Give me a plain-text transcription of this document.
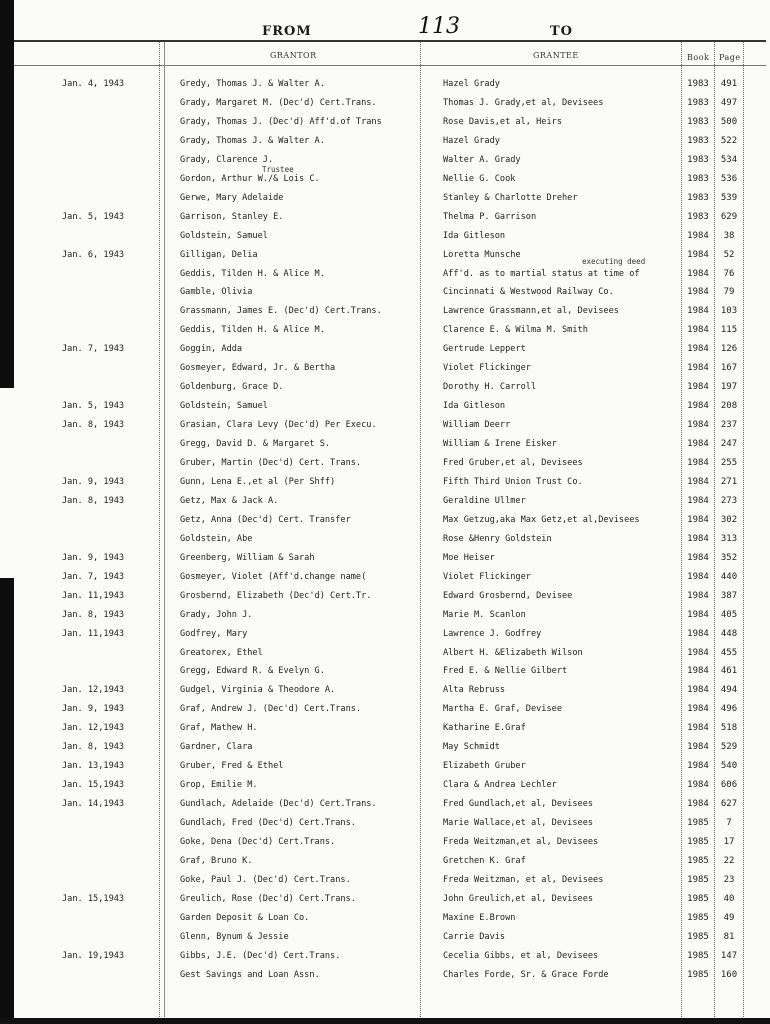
FROM	113	TO
GRANTOR	GRANTEE	Book Page
Trustee
executing deed
Jan. 4, 1943	Gredy, Thomas J. & Walter A.	Hazel Grady	1983	491
Grady, Margaret M. (Dec'd) Cert.Trans.	Thomas J. Grady,et al, Devisees	1983	497
Grady, Thomas J. (Dec'd) Aff'd.of Trans	Rose Davis,et al, Heirs	1983	500
Grady, Thomas J. & Walter A.	Hazel Grady	1983	522
Grady, Clarence J.	Walter A. Grady	1983	534
Gordon, Arthur W./& Lois C.	Nellie G. Cook	1983	536
Gerwe, Mary Adelaide	Stanley & Charlotte Dreher	1983	539
Jan. 5, 1943	Garrison, Stanley E.	Thelma P. Garrison	1983	629
Goldstein, Samuel	Ida Gitleson	1984	38
Jan. 6, 1943	Gilligan, Delia	Loretta Munsche	1984	52
Geddis, Tilden H. & Alice M.	Aff'd. as to martial status at time of	1984	76
Gamble, Olivia	Cincinnati & Westwood Railway Co.	1984	79
Grassmann, James E. (Dec'd) Cert.Trans.	Lawrence Grassmann,et al, Devisees	1984	103
Geddis, Tilden H. & Alice M.	Clarence E. & Wilma M. Smith	1984	115
Jan. 7, 1943	Goggin, Adda	Gertrude Leppert	1984	126
Gosmeyer, Edward, Jr. & Bertha	Violet Flickinger	1984	167
Goldenburg, Grace D.	Dorothy H. Carroll	1984	197
Jan. 5, 1943	Goldstein, Samuel	Ida Gitleson	1984	208
Jan. 8, 1943	Grasian, Clara Levy (Dec'd) Per Execu.	William Deerr	1984	237
Gregg, David D. & Margaret S.	William & Irene Eisker	1984	247
Gruber, Martin (Dec'd) Cert. Trans.	Fred Gruber,et al, Devisees	1984	255
Jan. 9, 1943	Gunn, Lena E.,et al (Per Shff)	Fifth Third Union Trust Co.	1984	271
Jan. 8, 1943	Getz, Max & Jack A.	Geraldine Ullmer	1984	273
Getz, Anna (Dec'd) Cert. Transfer	Max Getzug,aka Max Getz,et al,Devisees	1984	302
Goldstein, Abe	Rose &Henry Goldstein	1984	313
Jan. 9, 1943	Greenberg, William & Sarah	Moe Heiser	1984	352
Jan. 7, 1943	Gosmeyer, Violet (Aff'd.change name(	Violet Flickinger	1984	440
Jan. 11,1943	Grosbernd, Elizabeth (Dec'd) Cert.Tr.	Edward Grosbernd, Devisee	1984	387
Jan. 8, 1943	Grady, John J.	Marie M. Scanlon	1984	405
Jan. 11,1943	Godfrey, Mary	Lawrence J. Godfrey	1984	448
Greatorex, Ethel	Albert H. &Elizabeth Wilson	1984	455
Gregg, Edward R. & Evelyn G.	Fred E. & Nellie Gilbert	1984	461
Jan. 12,1943	Gudgel, Virginia & Theodore A.	Alta Rebruss	1984	494
Jan. 9, 1943	Graf, Andrew J. (Dec'd) Cert.Trans.	Martha E. Graf, Devisee	1984	496
Jan. 12,1943	Graf, Mathew H.	Katharine E.Graf	1984	518
Jan. 8, 1943	Gardner, Clara	May Schmidt	1984	529
Jan. 13,1943	Gruber, Fred & Ethel	Elizabeth Gruber	1984	540
Jan. 15,1943	Grop, Emilie M.	Clara & Andrea Lechler	1984	606
Jan. 14,1943	Gundlach, Adelaide (Dec'd) Cert.Trans.	Fred Gundlach,et al, Devisees	1984	627
Gundlach, Fred (Dec'd) Cert.Trans.	Marie Wallace,et al, Devisees	1985	7
Goke, Dena (Dec'd) Cert.Trans.	Freda Weitzman,et al, Devisees	1985	17
Graf, Bruno K.	Gretchen K. Graf	1985	22
Goke, Paul J. (Dec'd) Cert.Trans.	Freda Weitzman, et al, Devisees	1985	23
Jan. 15,1943	Greulich, Rose (Dec'd) Cert.Trans.	John Greulich,et al, Devisees	1985	40
Garden Deposit & Loan Co.	Maxine E.Brown	1985	49
Glenn, Bynum & Jessie	Carrie Davis	1985	81
Jan. 19,1943	Gibbs, J.E. (Dec'd) Cert.Trans.	Cecelia Gibbs, et al, Devisees	1985	147
Gest Savings and Loan Assn.	Charles Forde, Sr. & Grace Forde	1985	160
